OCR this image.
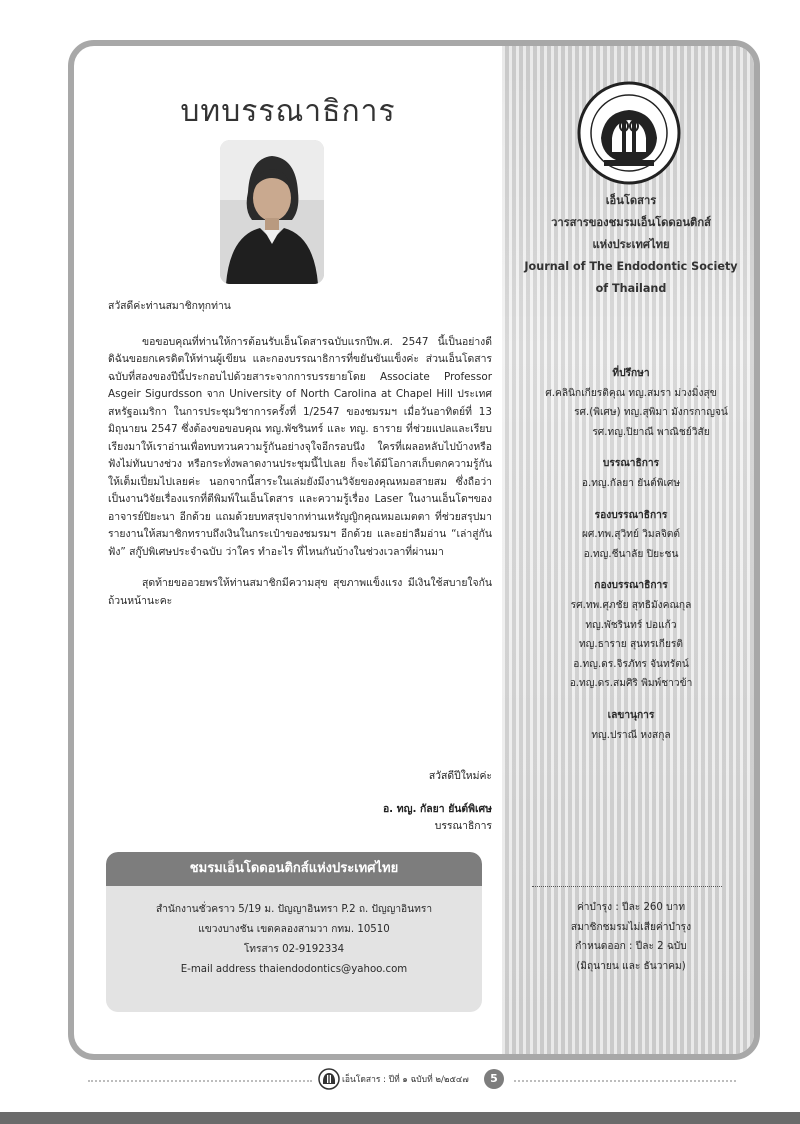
บทบรรณาธิการ

สวัสดีค่ะท่านสมาชิกทุกท่าน

ขอขอบคุณที่ท่านให้การต้อนรับเอ็นโดสารฉบับแรกปีพ.ศ. 2547 นี้เป็นอย่างดี ดิฉันขอยกเครดิตให้ท่านผู้เขียน และกองบรรณาธิการที่ขยันขันแข็งค่ะ ส่วนเอ็นโดสารฉบับที่สองของปีนี้ประกอบไปด้วยสาระจากการบรรยายโดย Associate Professor Asgeir Sigurdsson จาก University of North Carolina at Chapel Hill ประเทศสหรัฐอเมริกา ในการประชุมวิชาการครั้งที่ 1/2547 ของชมรมฯ เมื่อวันอาทิตย์ที่ 13 มิถุนายน 2547 ซึ่งต้องขอขอบคุณ ทญ.พัชรินทร์ และ ทญ. ธาราย ที่ช่วยแปลและเรียบเรียงมาให้เราอ่านเพื่อทบทวนความรู้กันอย่างจุใจอีกรอบนึง ใครที่เผลอหลับไปบ้างหรือฟังไม่ทันบางช่วง หรือกระทั่งพลาดงานประชุมนี้ไปเลย ก็จะได้มีโอกาสเก็บตกความรู้กันให้เต็มเปี่ยมไปเลยค่ะ นอกจากนี้สาระในเล่มยังมีงานวิจัยของคุณหมอสายสม ซึ่งถือว่าเป็นงานวิจัยเรื่องแรกที่ตีพิมพ์ในเอ็นโดสาร และความรู้เรื่อง Laser ในงานเอ็นโดฯของอาจารย์ปิยะนา อีกด้วย แถมด้วยบทสรุปจากท่านเหรัญญิกคุณหมอเมตตา ที่ช่วยสรุปมารายงานให้สมาชิกทราบถึงเงินในกระเป๋าของชมรมฯ อีกด้วย และอย่าลืมอ่าน “เล่าสู่กันฟัง” สกู๊ปพิเศษประจำฉบับ ว่าใคร ทำอะไร ที่ไหนกันบ้างในช่วงเวลาที่ผ่านมา

สุดท้ายขออวยพรให้ท่านสมาชิกมีความสุข สุขภาพแข็งแรง มีเงินใช้สบายใจกันถ้วนหน้านะคะ

สวัสดีปีใหม่ค่ะ
อ. ทญ. กัลยา ยันต์พิเศษ
บรรณาธิการ
ชมรมเอ็นโดดอนติกส์แห่งประเทศไทย
สำนักงานชั่วคราว 5/19 ม. ปัญญาอินทรา P.2 ถ. ปัญญาอินทรา
แขวงบางชัน เขตคลองสามวา กทม. 10510
โทรสาร 02-9192334
E-mail address thaiendodontics@yahoo.com
เอ็นโดสาร
วารสารของชมรมเอ็นโดดอนติกส์
แห่งประเทศไทย
Journal of The Endodontic Society
of Thailand
ที่ปรึกษา
ศ.คลินิกเกียรติคุณ ทญ.สมรา ม่วงมิ่งสุข
รศ.(พิเศษ) ทญ.สุพิมา มังกรกาญจน์
รศ.ทญ.ปิยาณี พาณิชย์วิสัย
บรรณาธิการ
อ.ทญ.กัลยา ยันต์พิเศษ
รองบรรณาธิการ
ผศ.ทพ.สุวิทย์ วิมลจิตต์
อ.ทญ.ชีนาลัย ปิยะชน
กองบรรณาธิการ
รศ.ทพ.ศุภชัย สุทธิมังคณกุล
ทญ.พัชรินทร์ ปอแก้ว
ทญ.ธาราย สุนทรเกียรติ
อ.ทญ.ดร.จิรภัทร จันทรัตน์
อ.ทญ.ดร.สมศิริ พิมพ์ชาวข้า
เลขานุการ
ทญ.ปราณี หงสกุล
ค่าบำรุง : ปีละ 260 บาท
สมาชิกชมรมไม่เสียค่าบำรุง
กำหนดออก : ปีละ 2 ฉบับ
(มิถุนายน และ ธันวาคม)
เอ็นโดสาร : ปีที่ ๑ ฉบับที่ ๒/๒๕๔๗	5
